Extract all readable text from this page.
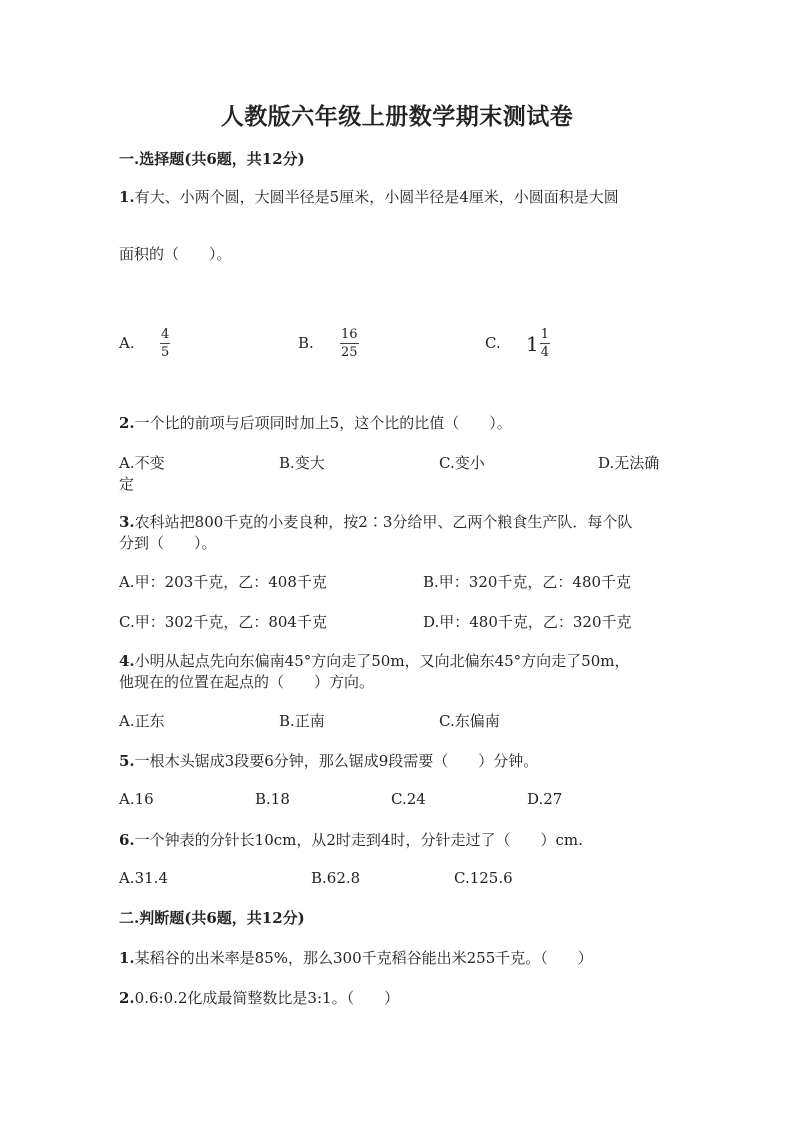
人教版六年级上册数学期末测试卷
一.选择题(共6题，共12分)
1.有大、小两个圆，大圆半径是5厘米，小圆半径是4厘米，小圆面积是大圆
面积的（　　）。
A. $\frac{4}{5}$	B. $\frac{16}{25}$	C. $1 \frac{1}{4}$
2.一个比的前项与后项同时加上5，这个比的比值（　　）。
A.不变	B.变大	C.变小	D.无法确
定
3.农科站把800千克的小麦良种，按2∶3分给甲、乙两个粮食生产队．每个队
分到（　　）。
A.甲：203千克，乙：408千克	B.甲：320千克，乙：480千克
C.甲：302千克，乙：804千克	D.甲：480千克，乙：320千克
4.小明从起点先向东偏南45°方向走了50m，又向北偏东45°方向走了50m，
他现在的位置在起点的（　　）方向。
A.正东	B.正南	C.东偏南
5.一根木头锯成3段要6分钟，那么锯成9段需要（　　）分钟。
A.16	B.18	C.24	D.27
6.一个钟表的分针长10cm，从2时走到4时，分针走过了（　　）cm.
A.31.4	B.62.8	C.125.6
二.判断题(共6题，共12分)
1.某稻谷的出米率是85%，那么300千克稻谷能出米255千克。（　　）
2.0.6:0.2化成最简整数比是3:1。（　　）
